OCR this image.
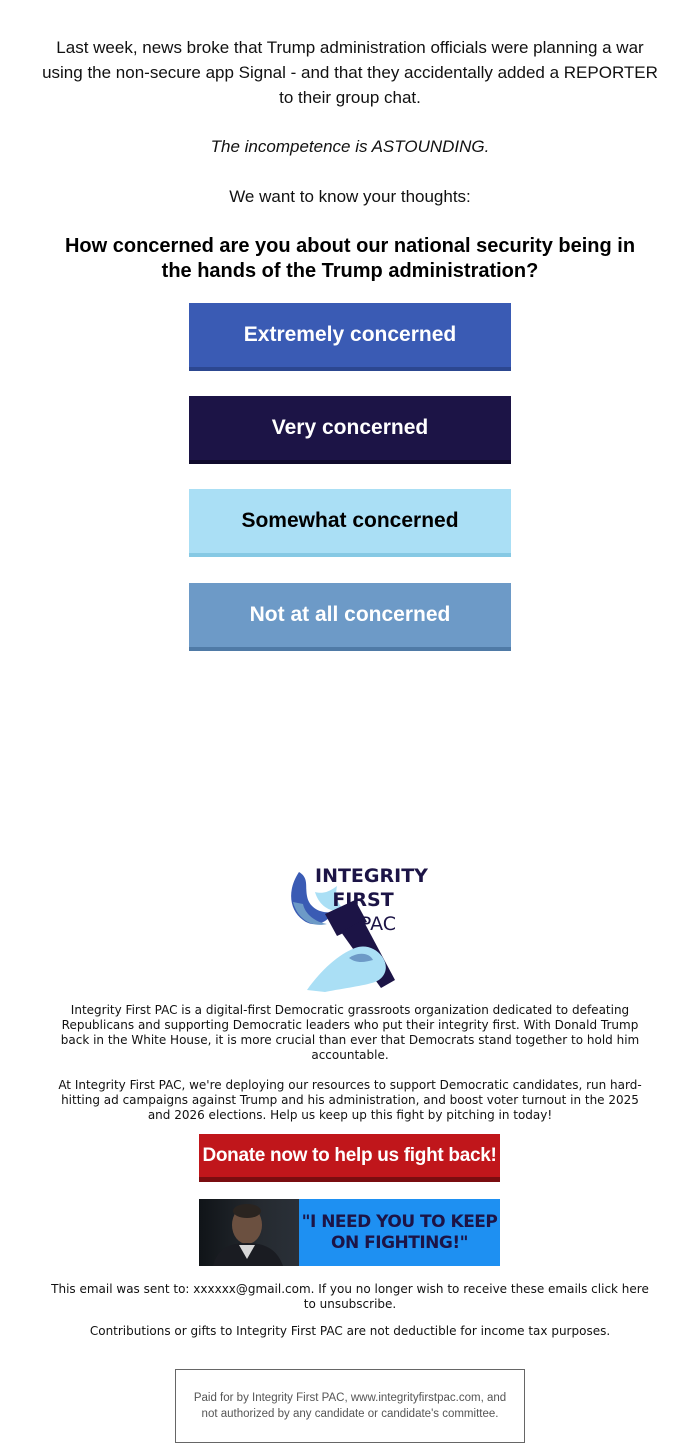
Last week, news broke that Trump administration officials were planning a war using the non-secure app Signal - and that they accidentally added a REPORTER to their group chat.
The incompetence is ASTOUNDING.
We want to know your thoughts:
How concerned are you about our national security being in the hands of the Trump administration?
Extremely concerned
Very concerned
Somewhat concerned
Not at all concerned
INTEGRITY
FIRST
PAC
Integrity First PAC is a digital-first Democratic grassroots organization dedicated to defeating Republicans and supporting Democratic leaders who put their integrity first. With Donald Trump back in the White House, it is more crucial than ever that Democrats stand together to hold him accountable.
At Integrity First PAC, we're deploying our resources to support Democratic candidates, run hard-hitting ad campaigns against Trump and his administration, and boost voter turnout in the 2025 and 2026 elections. Help us keep up this fight by pitching in today!
Donate now to help us fight back!
"I NEED YOU TO KEEP ON FIGHTING!"
This email was sent to: xxxxxx@gmail.com. If you no longer wish to receive these emails click here to unsubscribe.
Contributions or gifts to Integrity First PAC are not deductible for income tax purposes.
Paid for by Integrity First PAC, www.integrityfirstpac.com, and not authorized by any candidate or candidate's committee.
